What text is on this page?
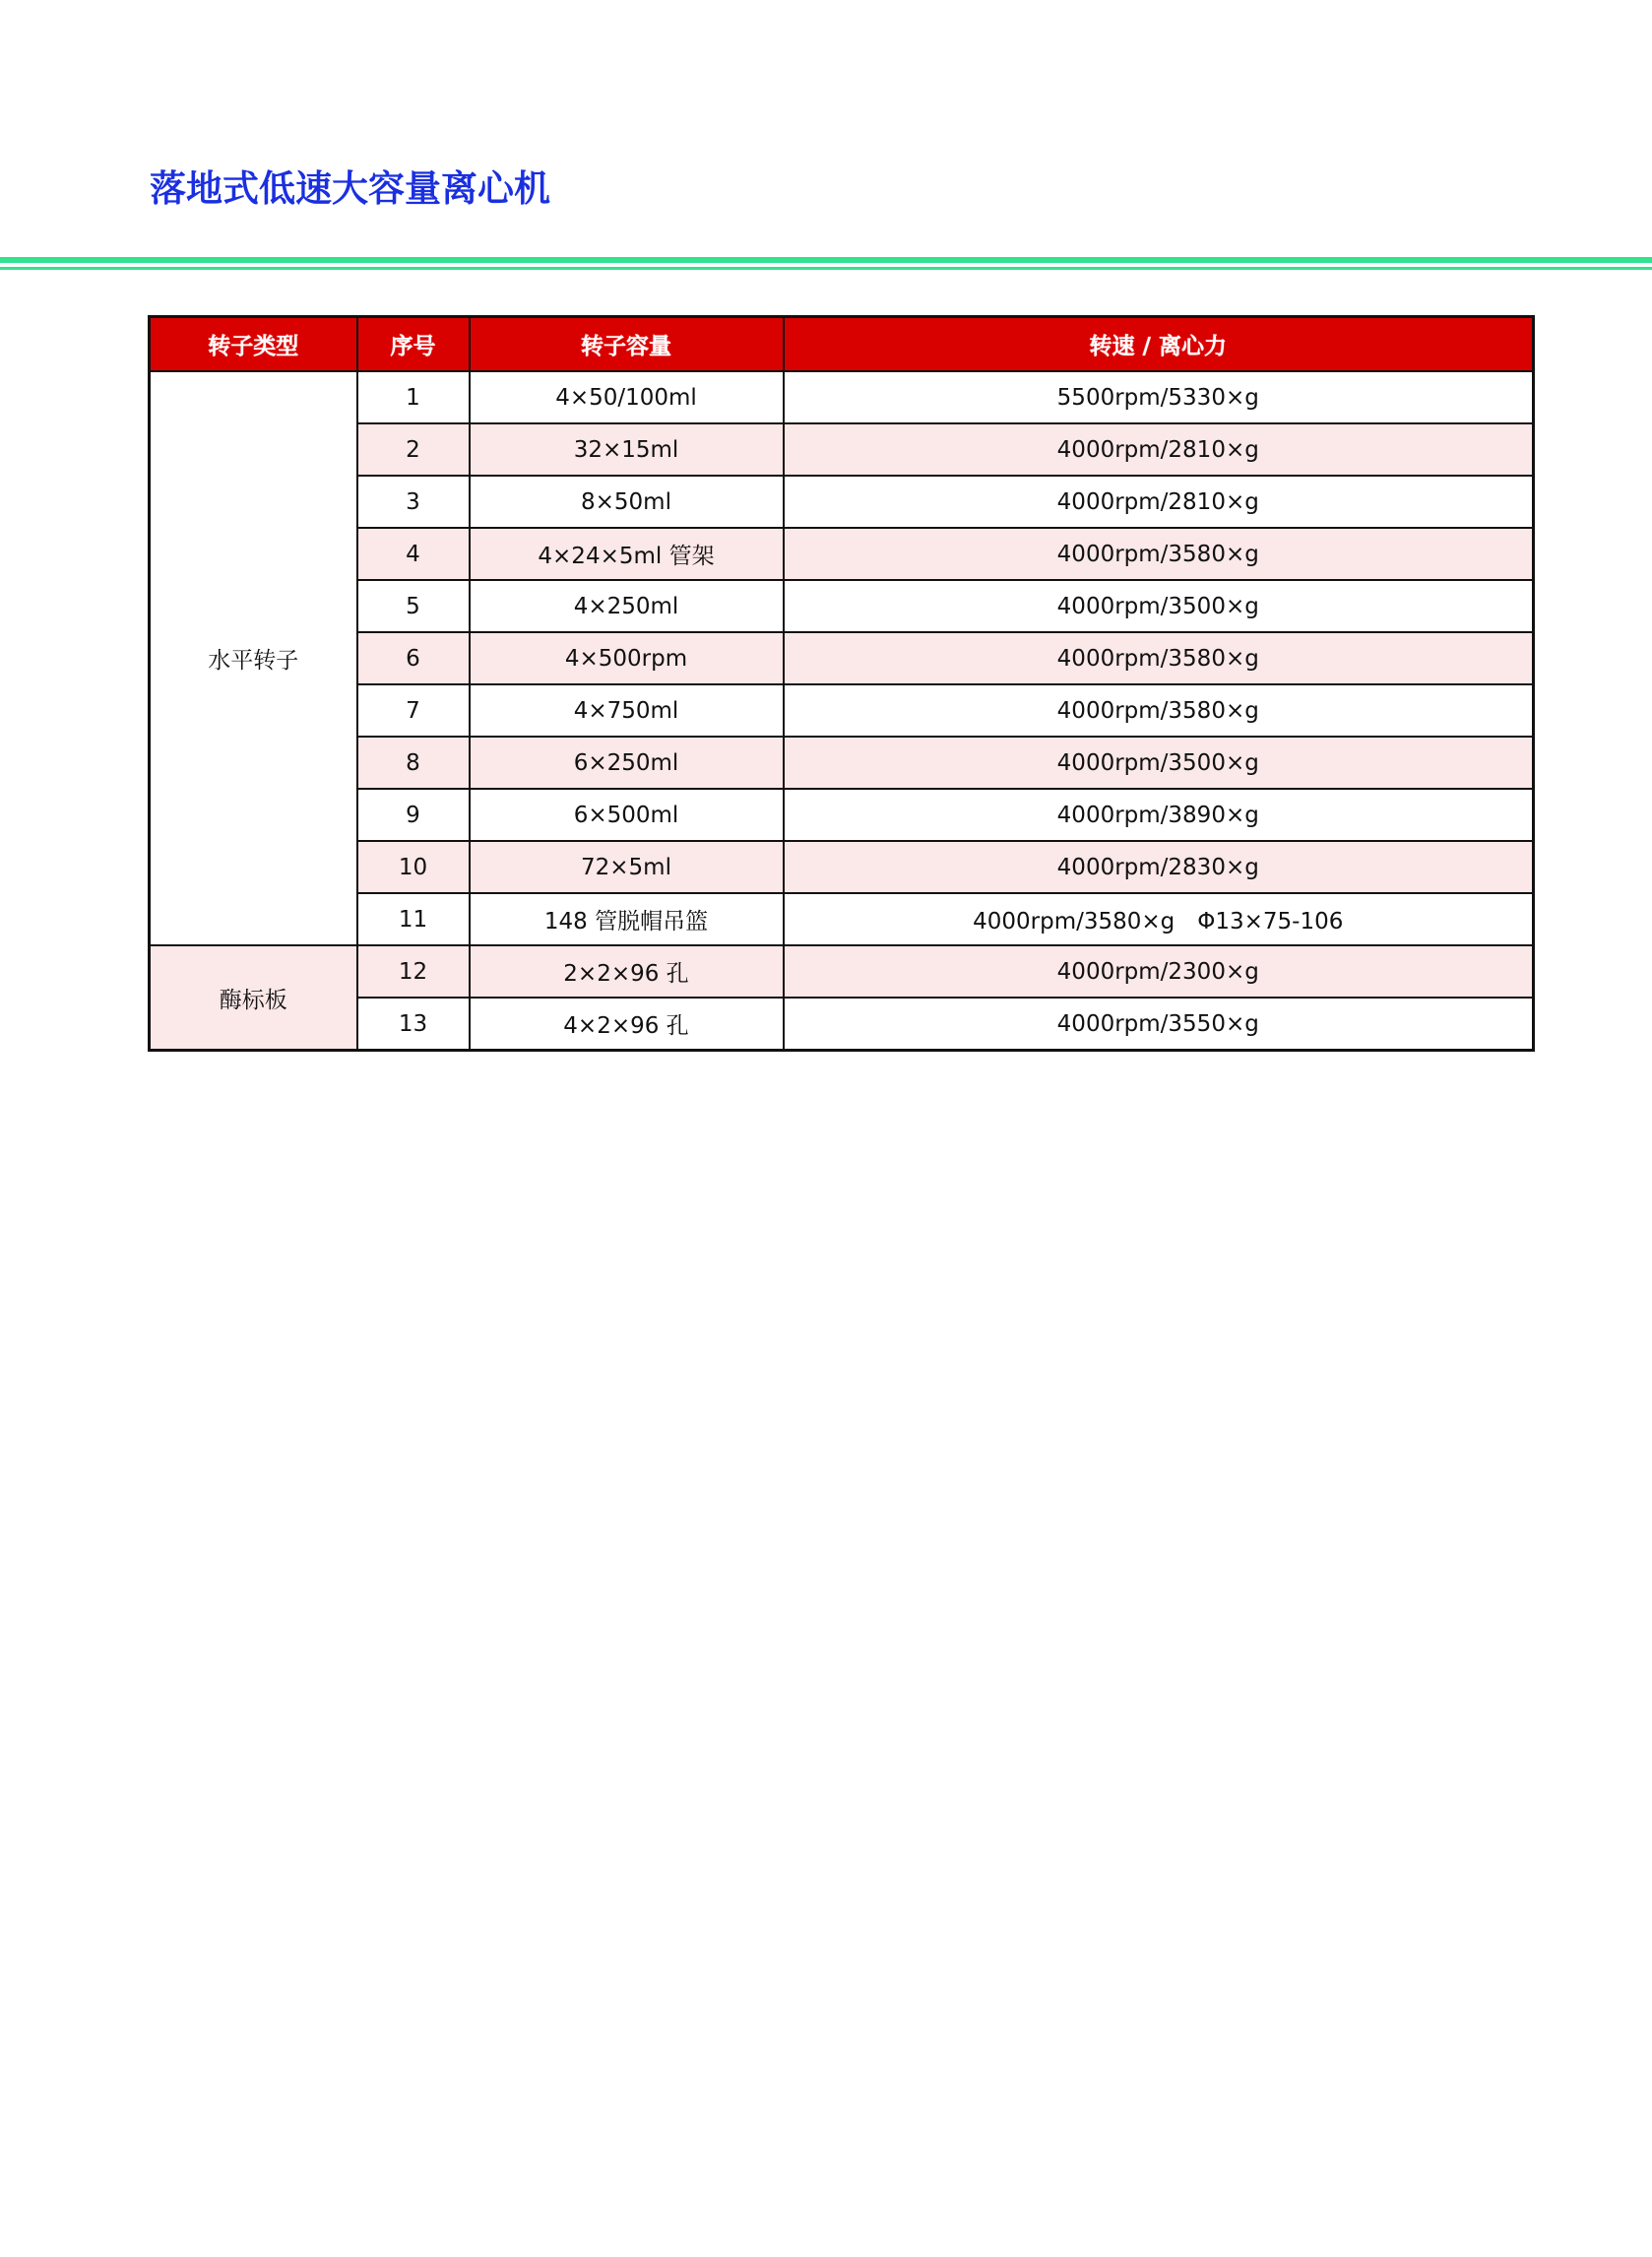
落地式低速大容量离心机
转子类型	序号	转子容量	转速 / 离心力
水平转子	1	4×50/100ml	5500rpm/5330×g
	2	32×15ml	4000rpm/2810×g
	3	8×50ml	4000rpm/2810×g
	4	4×24×5ml 管架	4000rpm/3580×g
	5	4×250ml	4000rpm/3500×g
	6	4×500rpm	4000rpm/3580×g
	7	4×750ml	4000rpm/3580×g
	8	6×250ml	4000rpm/3500×g
	9	6×500ml	4000rpm/3890×g
	10	72×5ml	4000rpm/2830×g
	11	148 管脱帽吊篮	4000rpm/3580×g　Φ13×75-106
酶标板	12	2×2×96 孔	4000rpm/2300×g
	13	4×2×96 孔	4000rpm/3550×g
